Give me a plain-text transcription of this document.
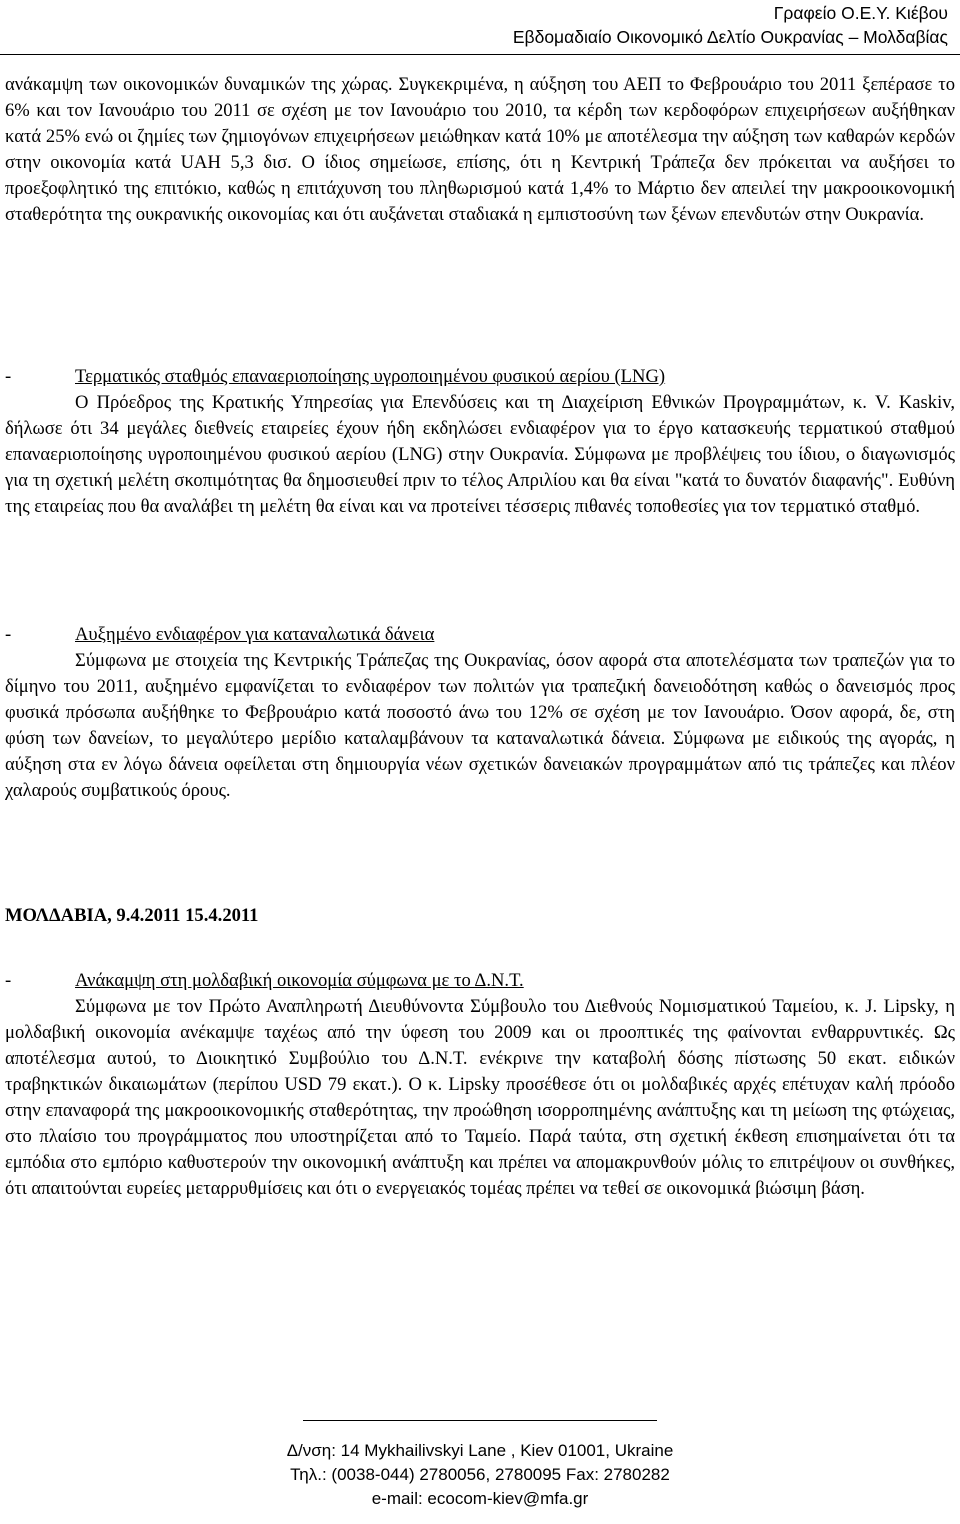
Γραφείο Ο.Ε.Υ. Κιέβου
Εβδομαδιαίο Οικονομικό Δελτίο Ουκρανίας – Μολδαβίας
ανάκαμψη των οικονομικών δυναμικών της χώρας. Συγκεκριμένα, η αύξηση του ΑΕΠ το Φεβρουάριο του 2011 ξεπέρασε το 6% και τον Ιανουάριο του 2011 σε σχέση με τον Ιανουάριο του 2010, τα κέρδη των κερδοφόρων επιχειρήσεων αυξήθηκαν κατά 25% ενώ οι ζημίες των ζημιογόνων επιχειρήσεων μειώθηκαν κατά 10% με αποτέλεσμα την αύξηση των καθαρών κερδών στην οικονομία κατά UAH 5,3 δισ. Ο ίδιος σημείωσε, επίσης, ότι η Κεντρική Τράπεζα δεν πρόκειται να αυξήσει το προεξοφλητικό της επιτόκιο, καθώς η επιτάχυνση του πληθωρισμού κατά 1,4% το Μάρτιο δεν απειλεί την μακροοικονομική σταθερότητα της ουκρανικής οικονομίας και ότι αυξάνεται σταδιακά η εμπιστοσύνη των ξένων επενδυτών στην Ουκρανία.
-	Τερματικός σταθμός επαναεριοποίησης υγροποιημένου φυσικού αερίου (LNG)
Ο Πρόεδρος της Κρατικής Υπηρεσίας για Επενδύσεις και τη Διαχείριση Εθνικών Προγραμμάτων, κ. V. Kaskiv, δήλωσε ότι 34 μεγάλες διεθνείς εταιρείες έχουν ήδη εκδηλώσει ενδιαφέρον για το έργο κατασκευής τερματικού σταθμού επαναεριοποίησης υγροποιημένου φυσικού αερίου (LNG) στην Ουκρανία. Σύμφωνα με προβλέψεις του ίδιου, ο διαγωνισμός για τη σχετική μελέτη σκοπιμότητας θα δημοσιευθεί πριν το τέλος Απριλίου και θα είναι "κατά το δυνατόν διαφανής". Ευθύνη της εταιρείας που θα αναλάβει τη μελέτη θα είναι και να προτείνει τέσσερις πιθανές τοποθεσίες για τον τερματικό σταθμό.
-	Αυξημένο ενδιαφέρον για καταναλωτικά δάνεια
Σύμφωνα με στοιχεία της Κεντρικής Τράπεζας της Ουκρανίας, όσον αφορά στα αποτελέσματα των τραπεζών για το δίμηνο του 2011, αυξημένο εμφανίζεται το ενδιαφέρον των πολιτών για τραπεζική δανειοδότηση καθώς ο δανεισμός προς φυσικά πρόσωπα αυξήθηκε το Φεβρουάριο κατά ποσοστό άνω του 12% σε σχέση με τον Ιανουάριο. Όσον αφορά, δε, στη φύση των δανείων, το μεγαλύτερο μερίδιο καταλαμβάνουν τα καταναλωτικά δάνεια. Σύμφωνα με ειδικούς της αγοράς, η αύξηση στα εν λόγω δάνεια οφείλεται στη δημιουργία νέων σχετικών δανειακών προγραμμάτων από τις τράπεζες και πλέον χαλαρούς συμβατικούς όρους.
ΜΟΛΔΑΒΙΑ, 9.4.2011 15.4.2011
-	Ανάκαμψη στη μολδαβική οικονομία σύμφωνα με το Δ.Ν.Τ.
Σύμφωνα με τον Πρώτο Αναπληρωτή Διευθύνοντα Σύμβουλο του Διεθνούς Νομισματικού Ταμείου, κ. J. Lipsky, η μολδαβική οικονομία ανέκαμψε ταχέως από την ύφεση του 2009 και οι προοπτικές της φαίνονται ενθαρρυντικές. Ως αποτέλεσμα αυτού, το Διοικητικό Συμβούλιο του Δ.Ν.Τ. ενέκρινε την καταβολή δόσης πίστωσης 50 εκατ. ειδικών τραβηκτικών δικαιωμάτων (περίπου USD 79 εκατ.). Ο κ. Lipsky προσέθεσε ότι οι μολδαβικές αρχές επέτυχαν καλή πρόοδο στην επαναφορά της μακροοικονομικής σταθερότητας, την προώθηση ισορροπημένης ανάπτυξης και τη μείωση της φτώχειας, στο πλαίσιο του προγράμματος που υποστηρίζεται από το Ταμείο. Παρά ταύτα, στη σχετική έκθεση επισημαίνεται ότι τα εμπόδια στο εμπόριο καθυστερούν την οικονομική ανάπτυξη και πρέπει να απομακρυνθούν μόλις το επιτρέψουν οι συνθήκες, ότι απαιτούνται ευρείες μεταρρυθμίσεις και ότι ο ενεργειακός τομέας πρέπει να τεθεί σε οικονομικά βιώσιμη βάση.
Δ/νση: 14 Mykhailivskyi Lane , Kiev 01001, Ukraine
Τηλ.: (0038-044) 2780056, 2780095 Fax: 2780282
e-mail: ecocom-kiev@mfa.gr
